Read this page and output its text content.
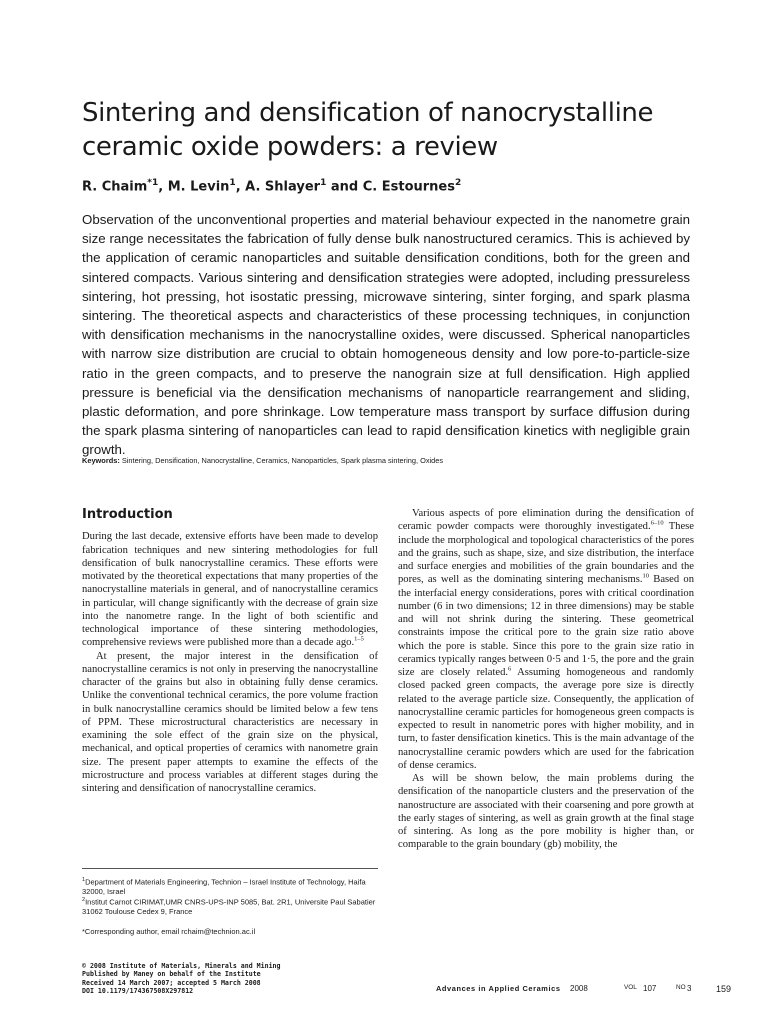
Sintering and densification of nanocrystalline ceramic oxide powders: a review

R. Chaim$^{*1}$, M. Levin$^1$, A. Shlayer$^1$ and C. Estournes$^2$

Observation of the unconventional properties and material behaviour expected in the nanometre grain size range necessitates the fabrication of fully dense bulk nanostructured ceramics. This is achieved by the application of ceramic nanoparticles and suitable densification conditions, both for the green and sintered compacts. Various sintering and densification strategies were adopted, including pressureless sintering, hot pressing, hot isostatic pressing, microwave sintering, sinter forging, and spark plasma sintering. The theoretical aspects and characteristics of these processing techniques, in conjunction with densification mechanisms in the nanocrystalline oxides, were discussed. Spherical nanoparticles with narrow size distribution are crucial to obtain homogeneous density and low pore-to-particle-size ratio in the green compacts, and to preserve the nanograin size at full densification. High applied pressure is beneficial via the densification mechanisms of nanoparticle rearrangement and sliding, plastic deformation, and pore shrinkage. Low temperature mass transport by surface diffusion during the spark plasma sintering of nanoparticles can lead to rapid densification kinetics with negligible grain growth.

Keywords: Sintering, Densification, Nanocrystalline, Ceramics, Nanoparticles, Spark plasma sintering, Oxides

Introduction

During the last decade, extensive efforts have been made to develop fabrication techniques and new sintering methodologies for full densification of bulk nanocrystalline ceramics. These efforts were motivated by the theoretical expectations that many properties of the nanocrystalline materials in general, and of nanocrystalline ceramics in particular, will change significantly with the decrease of grain size into the nanometre range. In the light of both scientific and technological importance of these sintering methodologies, comprehensive reviews were published more than a decade ago.$^{1-5}$

At present, the major interest in the densification of nanocrystalline ceramics is not only in preserving the nanocrystalline character of the grains but also in obtaining fully dense ceramics. Unlike the conventional technical ceramics, the pore volume fraction in bulk nanocrystalline ceramics should be limited below a few tens of PPM. These microstructural characteristics are necessary in examining the sole effect of the grain size on the physical, mechanical, and optical properties of ceramics with nanometre grain size. The present paper attempts to examine the effects of the microstructure and process variables at different stages during the sintering and densification of nanocrystalline ceramics.

Various aspects of pore elimination during the densification of ceramic powder compacts were thoroughly investigated.$^{6-10}$ These include the morphological and topological characteristics of the pores and the grains, such as shape, size, and size distribution, the interface and surface energies and mobilities of the grain boundaries and the pores, as well as the dominating sintering mechanisms.$^{10}$ Based on the interfacial energy considerations, pores with critical coordination number (6 in two dimensions; 12 in three dimensions) may be stable and will not shrink during the sintering. These geometrical constraints impose the critical pore to the grain size ratio above which the pore is stable. Since this pore to the grain size ratio in ceramics typically ranges between 0·5 and 1·5, the pore and the grain size are closely related.$^6$ Assuming homogeneous and randomly closed packed green compacts, the average pore size is directly related to the average particle size. Consequently, the application of nanocrystalline ceramic particles for homogeneous green compacts is expected to result in nanometric pores with higher mobility, and in turn, to faster densification kinetics. This is the main advantage of the nanocrystalline ceramic powders which are used for the fabrication of dense ceramics.

As will be shown below, the main problems during the densification of the nanoparticle clusters and the preservation of the nanostructure are associated with their coarsening and pore growth at the early stages of sintering, as well as grain growth at the final stage of sintering. As long as the pore mobility is higher than, or comparable to the grain boundary (gb) mobility, the

$^1$Department of Materials Engineering, Technion – Israel Institute of Technology, Haifa 32000, Israel
$^2$Institut Carnot CIRIMAT,UMR CNRS-UPS-INP 5085, Bat. 2R1, Universite Paul Sabatier 31062 Toulouse Cedex 9, France

*Corresponding author, email rchaim@technion.ac.il

© 2008 Institute of Materials, Minerals and Mining
Published by Maney on behalf of the Institute
Received 14 March 2007; accepted 5 March 2008
DOI 10.1179/174367508X297812	Advances in Applied Ceramics 2008	VOL 107	NO 3	159
